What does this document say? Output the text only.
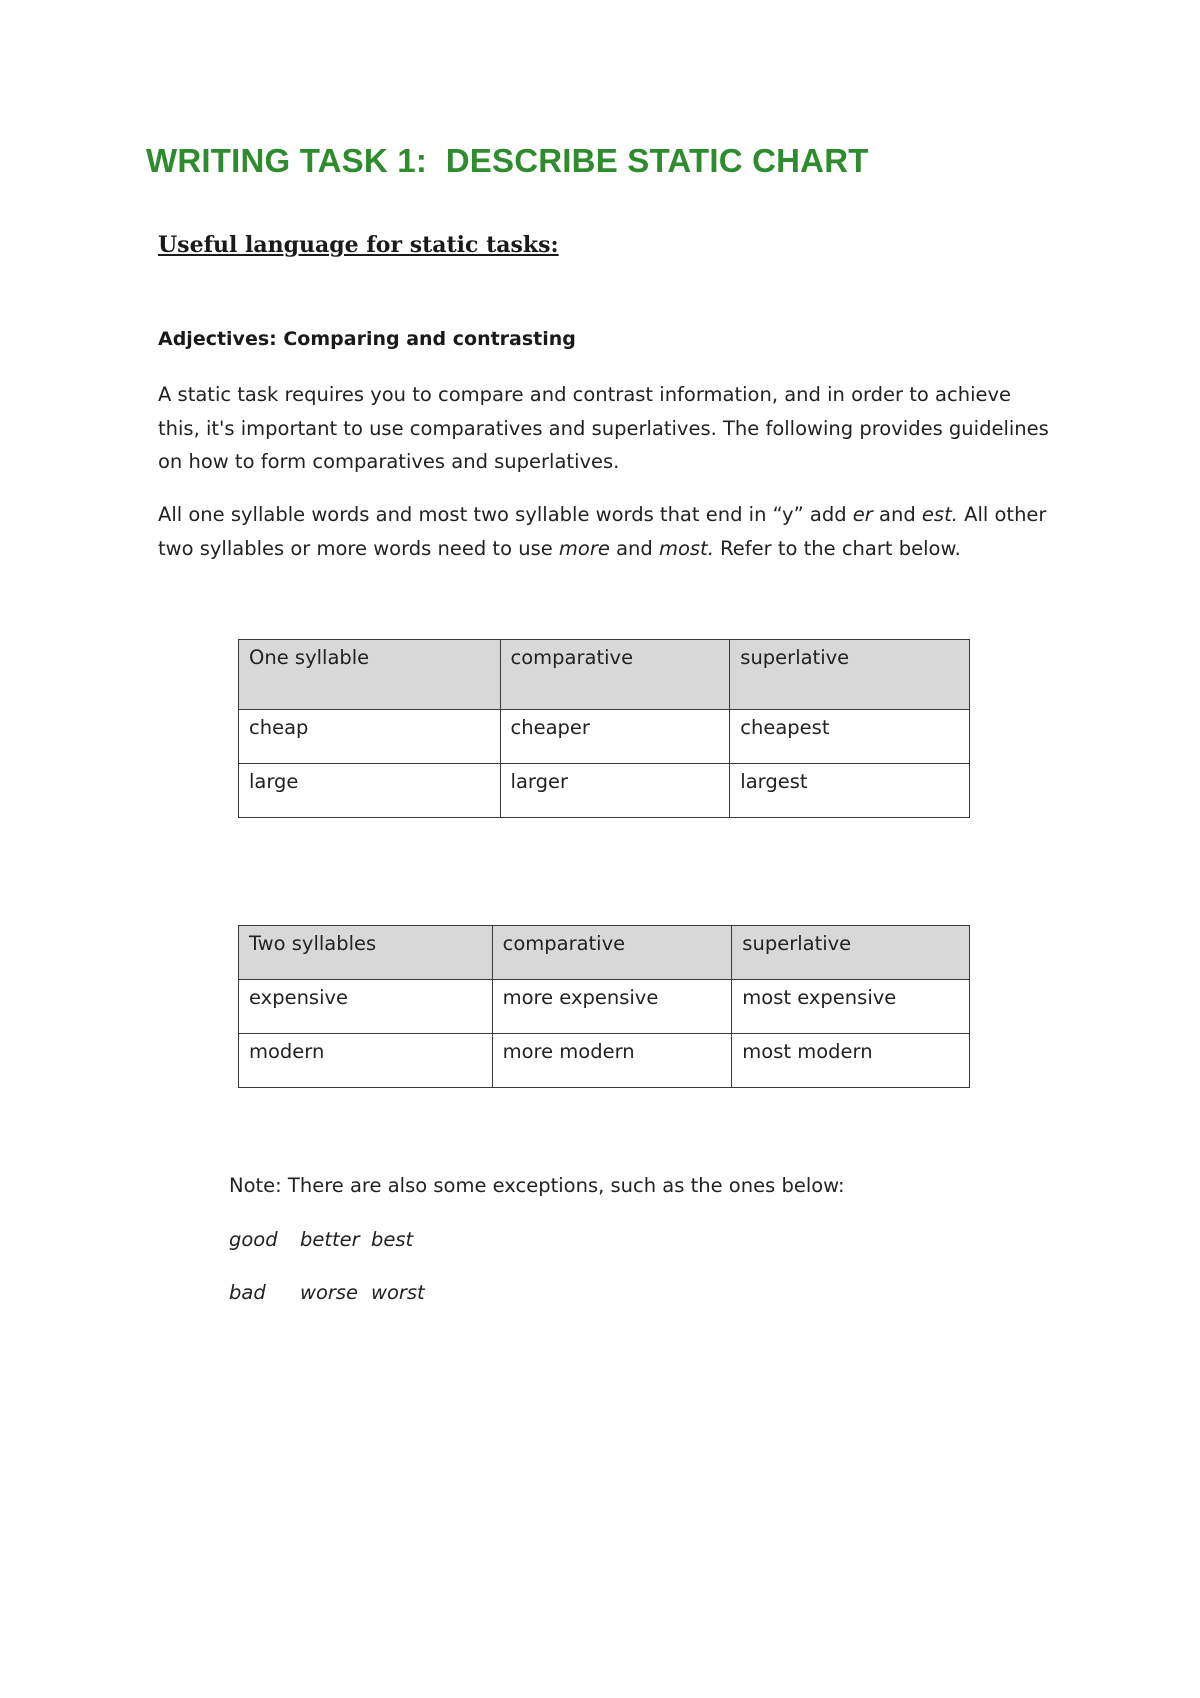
WRITING TASK 1:  DESCRIBE STATIC CHART
Useful language for static tasks:
Adjectives: Comparing and contrasting

A static task requires you to compare and contrast information, and in order to achieve this, it's important to use comparatives and superlatives. The following provides guidelines on how to form comparatives and superlatives.

All one syllable words and most two syllable words that end in “y” add er and est. All other two syllables or more words need to use more and most. Refer to the chart below.

One syllable	comparative	superlative
cheap	cheaper	cheapest
large	larger	largest
Two syllables	comparative	superlative
expensive	more expensive	most expensive
modern	more modern	most modern

Note: There are also some exceptions, such as the ones below:

good better best
bad worse worst
